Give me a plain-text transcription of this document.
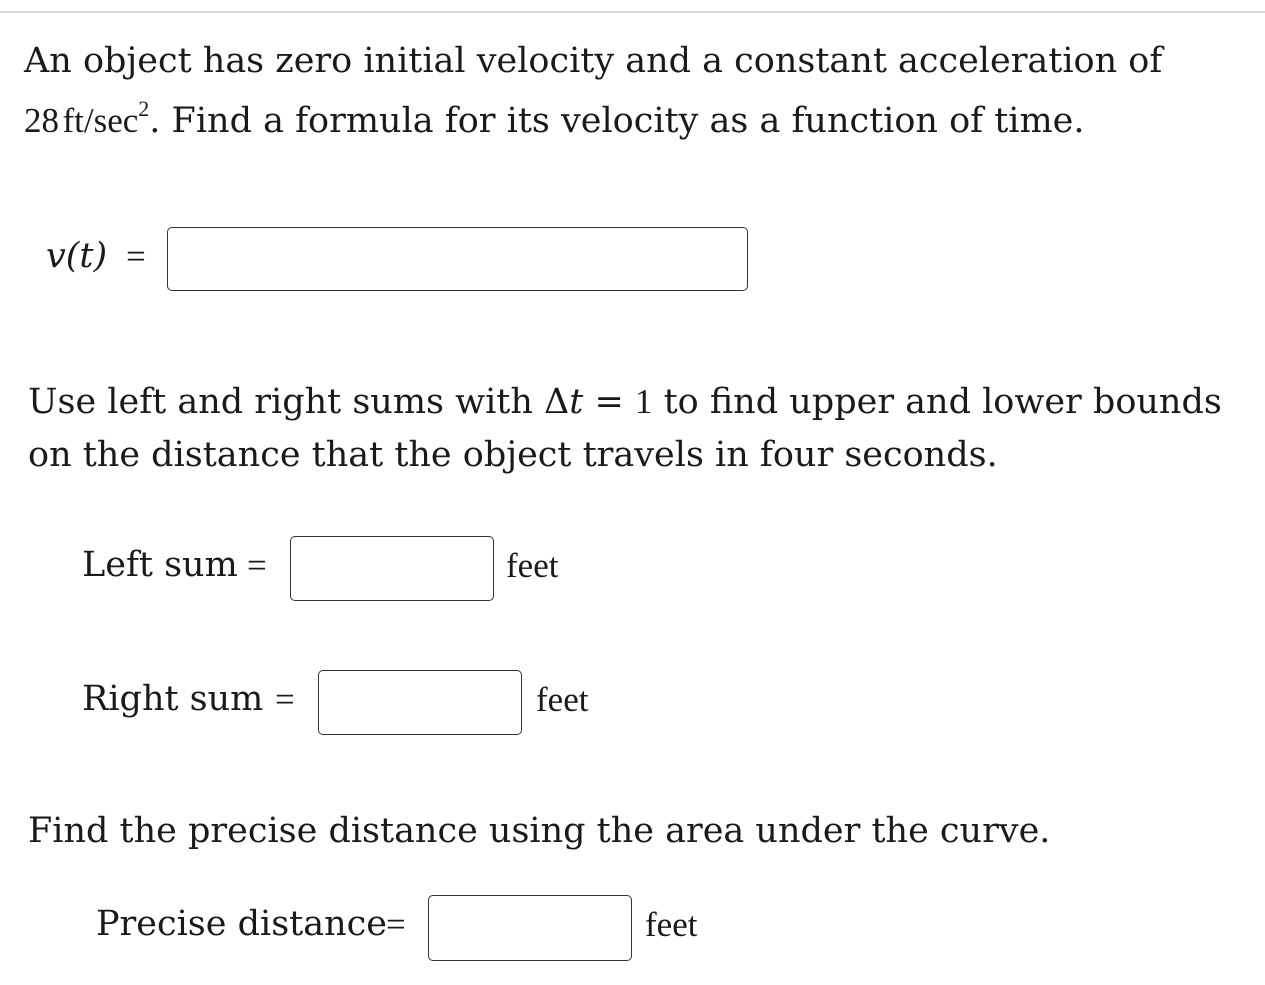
An object has zero initial velocity and a constant acceleration of
28  $ft/\sec^2$. Find a formula for its velocity as a function of time.
v(t) =
Use left and right sums with Δt = 1 to find upper and lower bounds
on the distance that the object travels in four seconds.
Left sum =	feet
Right sum =	feet
Find the precise distance using the area under the curve.
Precise distance =	feet
